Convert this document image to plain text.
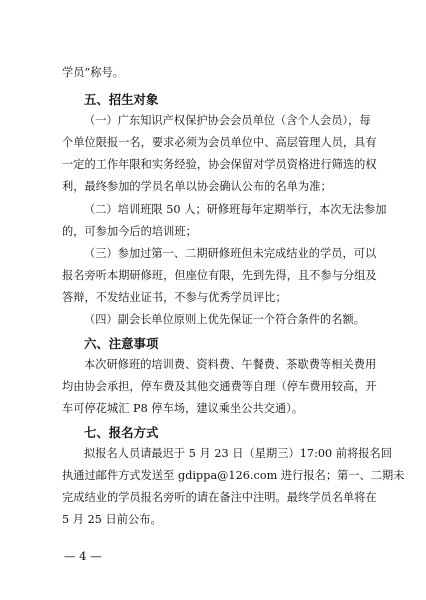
学员”称号。
五、招生对象
（一）广东知识产权保护协会会员单位（含个人会员），每
个单位限报一名，要求必须为会员单位中、高层管理人员，具有
一定的工作年限和实务经验，协会保留对学员资格进行筛选的权
利，最终参加的学员名单以协会确认公布的名单为准；
（二）培训班限 50 人；研修班每年定期举行，本次无法参加
的，可参加今后的培训班；
（三）参加过第一、二期研修班但未完成结业的学员，可以
报名旁听本期研修班，但座位有限，先到先得，且不参与分组及
答辩，不发结业证书，不参与优秀学员评比；
（四）副会长单位原则上优先保证一个符合条件的名额。
六、注意事项
本次研修班的培训费、资料费、午餐费、茶歇费等相关费用
均由协会承担，停车费及其他交通费等自理（停车费用较高，开
车可停花城汇 P8 停车场，建议乘坐公共交通）。
七、报名方式
拟报名人员请最迟于 5 月 23 日（星期三）17:00 前将报名回
执通过邮件方式发送至 gdippa@126.com 进行报名；第一、二期未
完成结业的学员报名旁听的请在备注中注明。最终学员名单将在
5 月 25 日前公布。
— 4 —
